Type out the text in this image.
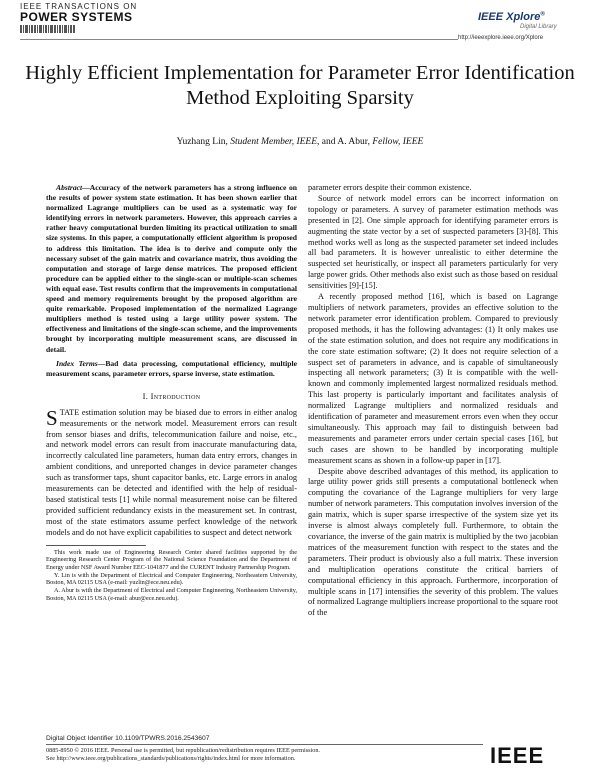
IEEE TRANSACTIONS ON
POWER SYSTEMS	IEEE Xplore®
Digital Library
http://ieeexplore.ieee.org/Xplore
Highly Efficient Implementation for Parameter Error Identification Method Exploiting Sparsity
Yuzhang Lin, Student Member, IEEE, and A. Abur, Fellow, IEEE

Abstract—Accuracy of the network parameters has a strong influence on the results of power system state estimation. It has been shown earlier that normalized Lagrange multipliers can be used as a systematic way for identifying errors in network parameters. However, this approach carries a rather heavy computational burden limiting its practical utilization to small size systems. In this paper, a computationally efficient algorithm is proposed to address this limitation. The idea is to derive and compute only the necessary subset of the gain matrix and covariance matrix, thus avoiding the computation and storage of large dense matrices. The proposed efficient procedure can be applied either to the single-scan or multiple-scan schemes with equal ease. Test results confirm that the improvements in computational speed and memory requirements brought by the proposed algorithm are quite remarkable. Proposed implementation of the normalized Lagrange multipliers method is tested using a large utility power system. The effectiveness and limitations of the single-scan scheme, and the improvements brought by incorporating multiple measurement scans, are discussed in detail.

Index Terms—Bad data processing, computational efficiency, multiple measurement scans, parameter errors, sparse inverse, state estimation.

I. Introduction

STATE estimation solution may be biased due to errors in either analog measurements or the network model. Measurement errors can result from sensor biases and drifts, telecommunication failure and noise, etc., and network model errors can result from inaccurate manufacturing data, incorrectly calculated line parameters, human data entry errors, changes in ambient conditions, and unreported changes in device parameter changes such as transformer taps, shunt capacitor banks, etc. Large errors in analog measurements can be detected and identified with the help of residual-based statistical tests [1] while normal measurement noise can be filtered provided sufficient redundancy exists in the measurement set. In contrast, most of the state estimators assume perfect knowledge of the network models and do not have explicit capabilities to suspect and detect network

This work made use of Engineering Research Center shared facilities supported by the Engineering Research Center Program of the National Science Foundation and the Department of Energy under NSF Award Number EEC-1041877 and the CURENT Industry Partnership Program.

Y. Lin is with the Department of Electrical and Computer Engineering, Northeastern University, Boston, MA 02115 USA (e-mail: yuzlin@ece.neu.edu).

A. Abur is with the Department of Electrical and Computer Engineering, Northeastern University, Boston, MA 02115 USA (e-mail: abur@ece.neu.edu).

parameter errors despite their common existence.

Source of network model errors can be incorrect information on topology or parameters. A survey of parameter estimation methods was presented in [2]. One simple approach for identifying parameter errors is augmenting the state vector by a set of suspected parameters [3]-[8]. This method works well as long as the suspected parameter set indeed includes all bad parameters. It is however unrealistic to either determine the suspected set heuristically, or inspect all parameters particularly for very large power grids. Other methods also exist such as those based on residual sensitivities [9]-[15].

A recently proposed method [16], which is based on Lagrange multipliers of network parameters, provides an effective solution to the network parameter error identification problem. Compared to previously proposed methods, it has the following advantages: (1) It only makes use of the state estimation solution, and does not require any modifications in the core state estimation software; (2) It does not require selection of a suspect set of parameters in advance, and is capable of simultaneously inspecting all network parameters; (3) It is compatible with the well-known and commonly implemented largest normalized residuals method. This last property is particularly important and facilitates analysis of normalized Lagrange multipliers and normalized residuals and identification of parameter and measurement errors even when they occur simultaneously. This approach may fail to distinguish between bad measurements and parameter errors under certain special cases [16], but such cases are shown to be handled by incorporating multiple measurement scans as shown in a follow-up paper in [17].

Despite above described advantages of this method, its application to large utility power grids still presents a computational bottleneck when computing the covariance of the Lagrange multipliers for very large number of network parameters. This computation involves inversion of the gain matrix, which is super sparse irrespective of the system size yet its inverse is almost always completely full. Furthermore, to obtain the covariance, the inverse of the gain matrix is multiplied by the two jacobian matrices of the measurement function with respect to the states and the parameters. Their product is obviously also a full matrix. These inversion and multiplication operations constitute the critical barriers of computational efficiency in this approach. Furthermore, incorporation of multiple scans in [17] intensifies the severity of this problem. The values of normalized Lagrange multipliers increase proportional to the square root of the

Digital Object Identifier 10.1109/TPWRS.2016.2543607
0885-8950 © 2016 IEEE. Personal use is permitted, but republication/redistribution requires IEEE permission.
See http://www.ieee.org/publications_standards/publications/rights/index.html for more information.	IEEE
